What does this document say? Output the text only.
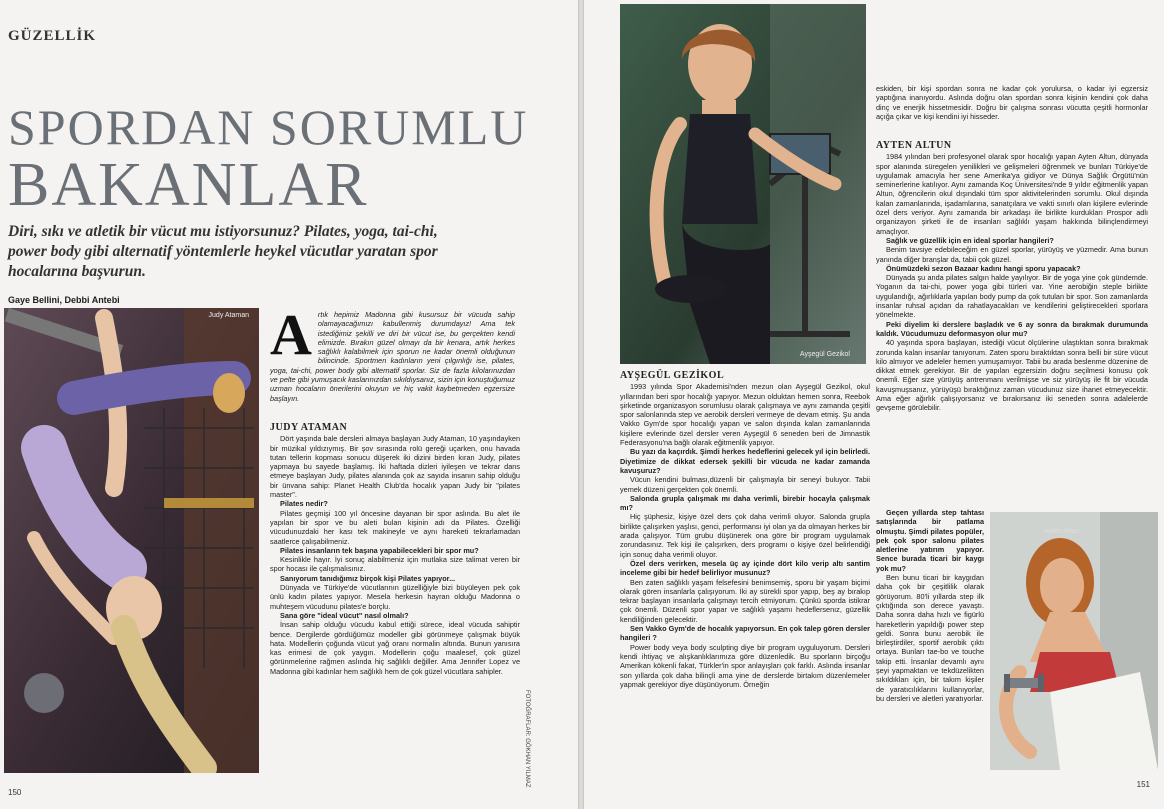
GÜZELLİK
SPORDAN SORUMLU
BAKANLAR
Diri, sıkı ve atletik bir vücut mu istiyorsunuz? Pilates, yoga, tai-chi, power body gibi alternatif yöntemlerle heykel vücutlar yaratan spor hocalarına başvurun.
Gaye Bellini, Debbi Antebi
Judy Ataman
FOTOĞRAFLAR: GÖKHAN YILMAZ
A rtık hepimiz Madonna gibi kusursuz bir vücuda sahip olamayacağımızı kabullenmiş durumdayız! Ama tek istediğimiz şekilli ve diri bir vücut ise, bu gerçekten kendi elimizde. Bırakın güzel olmayı da bir kenara, artık herkes sağlıklı kalabilmek için sporun ne kadar önemli olduğunun bilincinde. Sportmen kadınların yeni çılgınlığı ise, pilates, yoga, tai-chi, power body gibi alternatif sporlar. Siz de fazla kilolarınızdan ve pelte gibi yumuşacık kaslarınızdan sıkıldıysanız, sizin için konuştuğumuz uzman hocaların önerilerini okuyun ve hiç vakit kaybetmeden egzersize başlayın.

JUDY ATAMAN

Dört yaşında bale dersleri almaya başlayan Judy Ataman, 10 yaşındayken bir müzikal yıldızıymış. Bir şov sırasında rolü gereği uçarken, onu havada tutan tellerin kopması sonucu düşerek iki dizini birden kıran Judy, pilates yapmaya bu sayede başlamış. İki haftada dizleri iyileşen ve tekrar dans etmeye başlayan Judy, pilates alanında çok az sayıda insanın sahip olduğu bir ünvana sahip: Planet Health Club'da hocalık yapan Judy bir "pilates master".

Pilates nedir?

Pilates geçmişi 100 yıl öncesine dayanan bir spor aslında. Bu alet ile yapılan bir spor ve bu aleti bulan kişinin adı da Pilates. Özelliği vücudunuzdaki her kası tek makineyle ve aynı hareketi tekrarlamadan saatlerce çalışabilmeniz.

Pilates insanların tek başına yapabilecekleri bir spor mu?

Kesinlikle hayır. İyi sonuç alabilmeniz için mutlaka size talimat veren bir spor hocası ile çalışmalısınız.

Sanıyorum tanıdığımız birçok kişi Pilates yapıyor...

Dünyada ve Türkiye'de vücutlarının güzelliğiyle bizi büyüleyen pek çok ünlü kadın pilates yapıyor. Mesela herkesin hayran olduğu Madonna o muhteşem vücudunu pilates'e borçlu.

Sana göre "ideal vücut" nasıl olmalı?

İnsan sahip olduğu vücudu kabul ettiği sürece, ideal vücuda sahiptir bence. Dergilerde gördüğümüz modeller gibi görünmeye çalışmak büyük hata. Modellerin çoğunda vücut yağ oranı normalin altında. Bunun yanısıra kas erimesi de çok yaygın. Modellerin çoğu maalesef, çok güzel görünmelerine rağmen aslında hiç sağlıklı değiller. Ama Jennifer Lopez ve Madonna gibi kadınlar hem sağlıklı hem de çok güzel vücutlara sahipler.

150
Ayşegül Gezikol
AYŞEGÜL GEZİKOL

1993 yılında Spor Akademisi'nden mezun olan Ayşegül Gezikol, okul yıllarından beri spor hocalığı yapıyor. Mezun olduktan hemen sonra, Reebok şirketinde organizasyon sorumlusu olarak çalışmaya ve aynı zamanda çeşitli spor salonlarında step ve aerobik dersleri vermeye de devam etmiş. Şu anda Vakko Gym'de spor hocalığı yapan ve salon dışında kalan zamanlarında kişilere evlerinde özel dersler veren Ayşegül 6 seneden beri de Jimnastik Federasyonu'na bağlı olarak eğitmenlik yapıyor.

Bu yazı da kaçırdık. Şimdi herkes hedeflerini gelecek yıl için belirledi. Diyetimize de dikkat edersek şekilli bir vücuda ne kadar zamanda kavuşuruz?

Vücun kendini bulması,düzenli bir çalışmayla bir seneyi buluyor. Tabii yemek düzeni gerçekten çok önemli.

Salonda grupla çalışmak mı daha verimli, birebir hocayla çalışmak mı?

Hiç şüphesiz, kişiye özel ders çok daha verimli oluyor. Salonda grupla birlikte çalışırken yaşlısı, genci, performansı iyi olan ya da olmayan herkes bir arada çalışıyor. Tüm grubu düşünerek ona göre bir program uygulamak zorundasınız. Tek kişi ile çalışırken, ders programı o kişiye özel belirlendiği için sonuç daha verimli oluyor.

Özel ders verirken, mesela üç ay içinde dört kilo verip altı santim inceleme gibi bir hedef belirliyor musunuz?

Ben zaten sağlıklı yaşam felsefesini benimsemiş, sporu bir yaşam biçimi olarak gören insanlarla çalışıyorum. İki ay sürekli spor yapıp, beş ay bırakıp tekrar başlayan insanlarla çalışmayı tercih etmiyorum. Çünkü sporda istikrar çok önemli. Düzenli spor yapar ve sağlıklı yaşamı hedeflersenız, güzellik kendiliğinden gelecektir.

Sen Vakko Gym'de de hocalık yapıyorsun. En çok talep gören dersler hangileri ?

Power body veya body sculpting diye bir program uyguluyorum. Dersleri kendi ihtiyaç ve alışkanlıklarımıza göre düzenledik. Bu sporların birçoğu Amerikan kökenli fakat, Türkler'in spor anlayışları çok farklı. Aslında insanlar son yıllarda çok daha bilinçli ama yine de derslerde birtakım düzenlemeler yapmak gerekiyor diye düşünüyorum. Örneğin

eskiden, bir kişi spordan sonra ne kadar çok yorulursa, o kadar iyi egzersiz yaptığına inanıyordu. Aslında doğru olan spordan sonra kişinin kendini çok daha dinç ve enerjik hissetmesidir. Doğru bir çalışma sonrası vücutta çeşitli hormonlar açığa çıkar ve kişi kendini iyi hisseder.

AYTEN ALTUN

1984 yılından beri profesyonel olarak spor hocalığı yapan Ayten Altun, dünyada spor alanında süregelen yenilikleri ve gelişmeleri öğrenmek ve bunları Türkiye'de uygulamak amacıyla her sene Amerika'ya gidiyor ve Dünya Sağlık Örgütü'nün seminerlerine katılıyor. Aynı zamanda Koç Üniversitesi'nde 9 yıldır eğitmenlik yapan Altun, öğrencilerin okul dışındaki tüm spor aktivitelerinden sorumlu. Okul dışında kalan zamanlarında, işadamlarına, sanatçılara ve vakti sınırlı olan kişilere evlerinde özel ders veriyor. Aynı zamanda bir arkadaşı ile birlikte kurdukları Prospor adlı organizayon şirketi ile de insanları sağlıklı yaşam hakkında bilinçlendirmeyi amaçlıyor.

Sağlık ve güzellik için en ideal sporlar hangileri?

Benim tavsiye edebileceğim en güzel sporlar, yürüyüş ve yüzmedir. Ama bunun yanında diğer branşlar da, tabii çok güzel.

Önümüzdeki sezon Bazaar kadını hangi sporu yapacak?

Dünyada şu anda pilates salgın halde yayılıyor. Bir de yoga yine çok gündemde. Yoganın da tai-chi, power yoga gibi türleri var. Yine aerobiğin steple birlikte uygulandığı, ağırlıklarla yapılan body pump da çok tutulan bir spor. Son zamanlarda insanlar ruhsal açıdan da rahatlayacakları ve kendilerini geliştirecekleri sporlara yönelmekte.

Peki diyelim ki derslere başladık ve 6 ay sonra da bırakmak durumunda kaldık. Vücudumuzu deformasyon olur mu?

40 yaşında spora başlayan, istediği vücut ölçülerine ulaştıktan sonra bırakmak zorunda kalan insanlar tanıyorum. Zaten sporu bıraktıktan sonra belli bir süre vücut kilo almıyor ve adeleler hemen yumuşamıyor. Tabii bu arada beslenme düzenine de dikkat etmek gerekiyor. Bir de yapılan egzersizin doğru seçilmesi konusu çok önemli. Eğer size yürüyüş antrenmanı verilmişse ve siz yürüyüş ile fit bir vücuda kavuşmuşsanız, yürüyüşü bıraktığınız zaman vücudunuz size ihanet etmeyecektir. Ama eğer ağırlık çalışıyorsanız ve bırakırsanız iki seneden sonra adalelerde gevşeme görülebilir.

Geçen yıllarda step tahtası satışlarında bir patlama olmuştu. Şimdi pilates popüler, pek çok spor salonu pilates aletlerine yatırım yapıyor. Sence burada ticari bir kaygı yok mu?

Ben bunu ticari bir kaygıdan daha çok bir çeşitlilik olarak görüyorum. 80'li yıllarda step ilk çıktığında son derece yavaştı. Daha sonra daha hızlı ve figürlü hareketlerin yapıldığı power step geldi. Sonra bunu aerobik ile birleştirdiler, sportif aerobik çıktı ortaya. Bunları tae-bo ve touche takip etti. İnsanlar devamlı aynı şeyi yapmaktan ve tekdüzelikten sıkıldıkları için, bir takım kişiler de yaratıcılıklarını kullanıyorlar, bu dersleri ve aletleri yaratıyorlar.

Ayten Altun
151
